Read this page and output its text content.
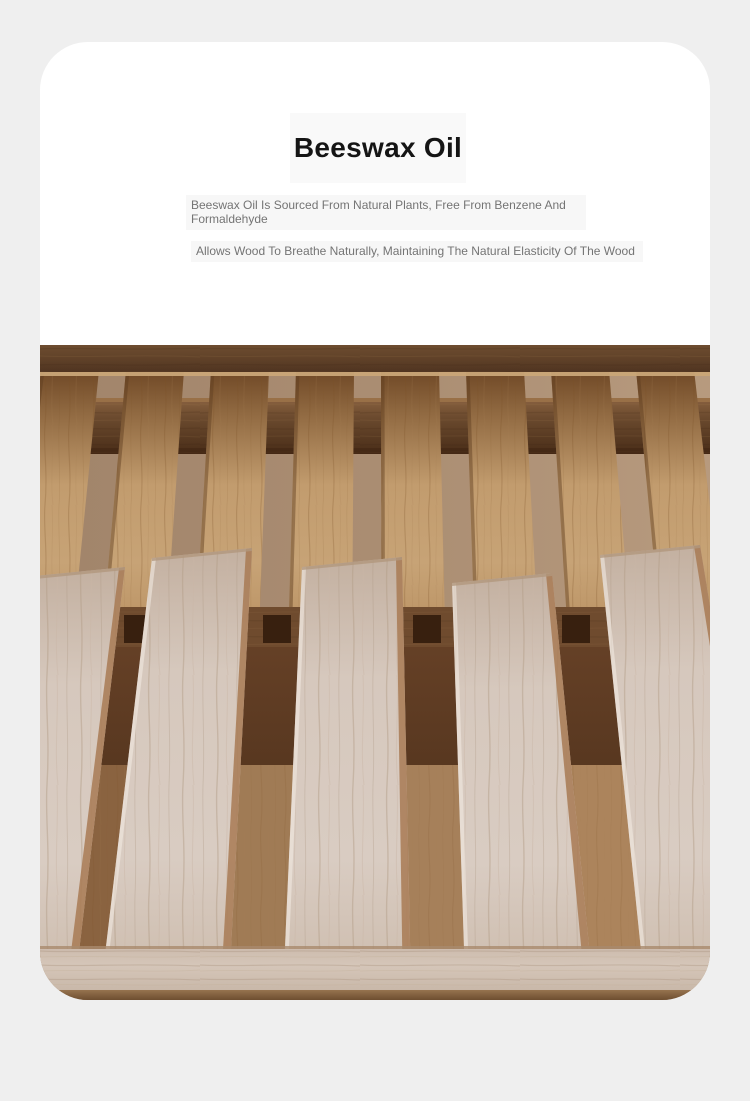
Beeswax Oil

Beeswax Oil Is Sourced From Natural Plants, Free From Benzene And Formaldehyde

Allows Wood To Breathe Naturally, Maintaining The Natural Elasticity Of The Wood
